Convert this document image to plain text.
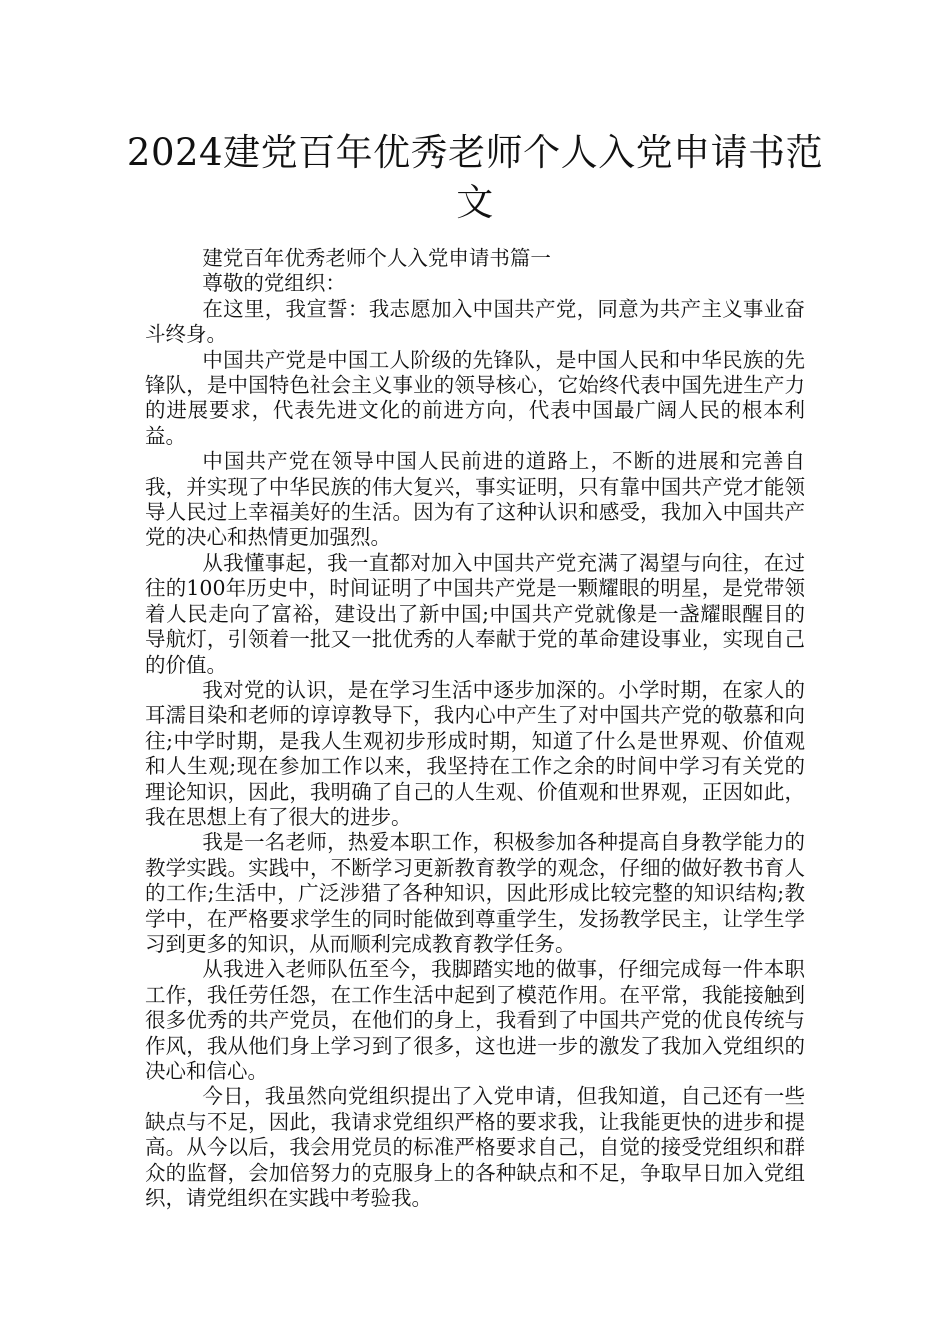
2024建党百年优秀老师个人入党申请书范文

建党百年优秀老师个人入党申请书篇一

尊敬的党组织：

在这里，我宣誓：我志愿加入中国共产党，同意为共产主义事业奋斗终身。

中国共产党是中国工人阶级的先锋队，是中国人民和中华民族的先锋队，是中国特色社会主义事业的领导核心，它始终代表中国先进生产力的进展要求，代表先进文化的前进方向，代表中国最广阔人民的根本利益。

中国共产党在领导中国人民前进的道路上，不断的进展和完善自我，并实现了中华民族的伟大复兴，事实证明，只有靠中国共产党才能领导人民过上幸福美好的生活。因为有了这种认识和感受，我加入中国共产党的决心和热情更加强烈。

从我懂事起，我一直都对加入中国共产党充满了渴望与向往，在过往的100年历史中，时间证明了中国共产党是一颗耀眼的明星，是党带领着人民走向了富裕，建设出了新中国;中国共产党就像是一盏耀眼醒目的导航灯，引领着一批又一批优秀的人奉献于党的革命建设事业，实现自己的价值。

我对党的认识，是在学习生活中逐步加深的。小学时期，在家人的耳濡目染和老师的谆谆教导下，我内心中产生了对中国共产党的敬慕和向往;中学时期，是我人生观初步形成时期，知道了什么是世界观、价值观和人生观;现在参加工作以来，我坚持在工作之余的时间中学习有关党的理论知识，因此，我明确了自己的人生观、价值观和世界观，正因如此，我在思想上有了很大的进步。

我是一名老师，热爱本职工作，积极参加各种提高自身教学能力的教学实践。实践中，不断学习更新教育教学的观念，仔细的做好教书育人的工作;生活中，广泛涉猎了各种知识，因此形成比较完整的知识结构;教学中，在严格要求学生的同时能做到尊重学生，发扬教学民主，让学生学习到更多的知识，从而顺利完成教育教学任务。

从我进入老师队伍至今，我脚踏实地的做事，仔细完成每一件本职工作，我任劳任怨，在工作生活中起到了模范作用。在平常，我能接触到很多优秀的共产党员，在他们的身上，我看到了中国共产党的优良传统与作风，我从他们身上学习到了很多，这也进一步的激发了我加入党组织的决心和信心。

今日，我虽然向党组织提出了入党申请，但我知道，自己还有一些缺点与不足，因此，我请求党组织严格的要求我，让我能更快的进步和提高。从今以后，我会用党员的标准严格要求自己，自觉的接受党组织和群众的监督，会加倍努力的克服身上的各种缺点和不足，争取早日加入党组织，请党组织在实践中考验我。
